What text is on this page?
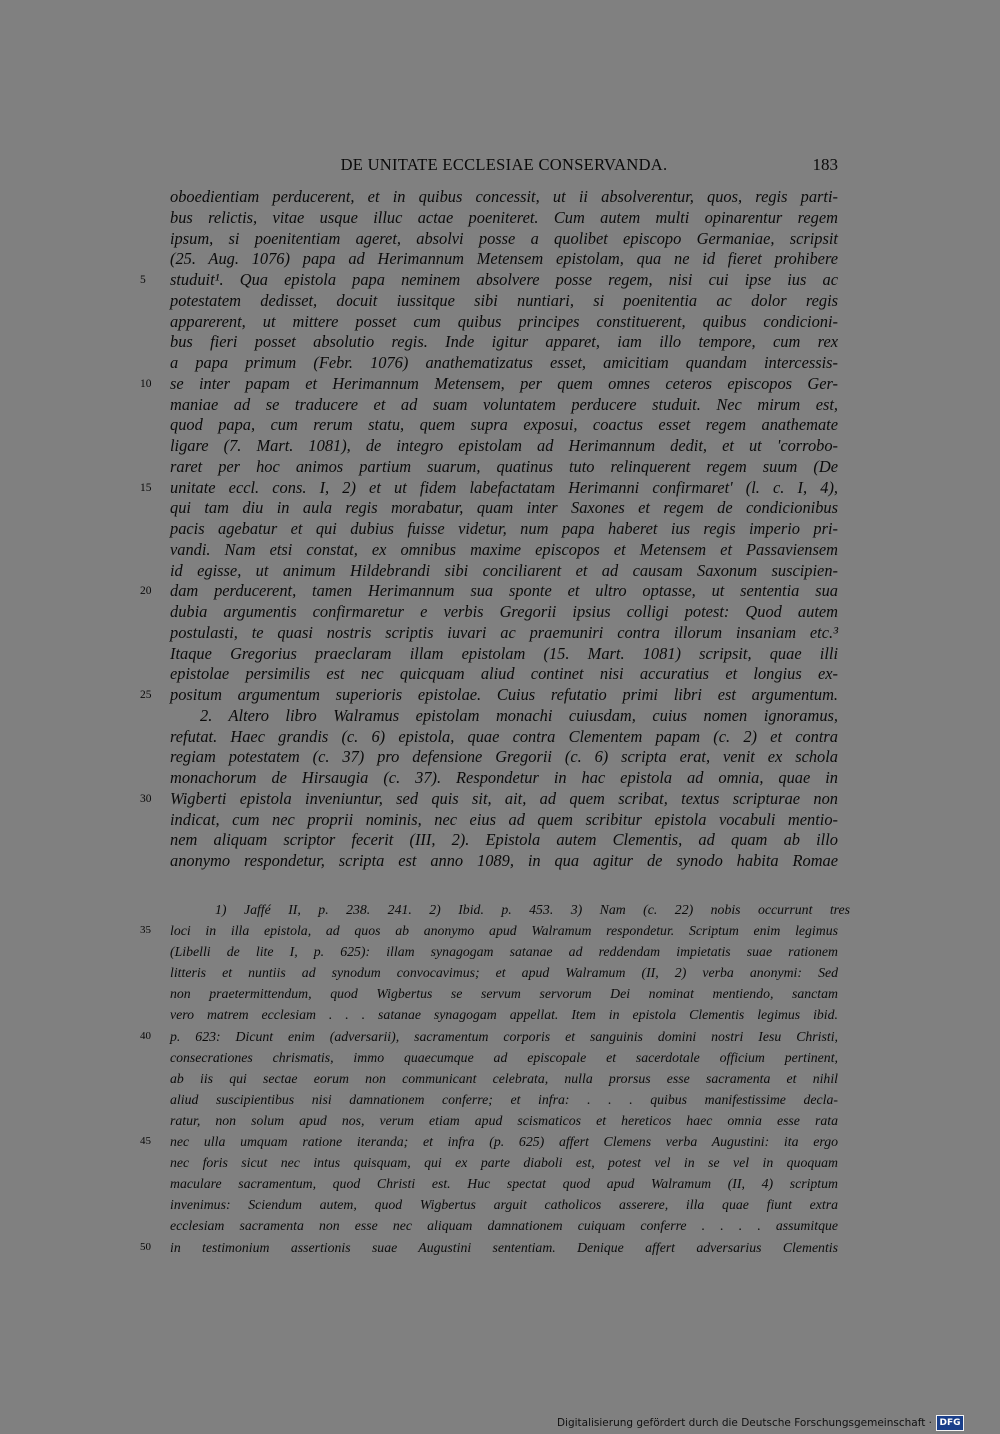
DE UNITATE ECCLESIAE CONSERVANDA.	183
oboedientiam perducerent, et in quibus concessit, ut ii absolverentur, quos, regis parti-
bus relictis, vitae usque illuc actae poeniteret. Cum autem multi opinarentur regem
ipsum, si poenitentiam ageret, absolvi posse a quolibet episcopo Germaniae, scripsit
(25. Aug. 1076) papa ad Herimannum Metensem epistolam, qua ne id fieret prohibere
5	studuit¹. Qua epistola papa neminem absolvere posse regem, nisi cui ipse ius ac
potestatem dedisset, docuit iussitque sibi nuntiari, si poenitentia ac dolor regis
apparerent, ut mittere posset cum quibus principes constituerent, quibus condicioni-
bus fieri posset absolutio regis. Inde igitur apparet, iam illo tempore, cum rex
a papa primum (Febr. 1076) anathematizatus esset, amicitiam quandam intercessis-
10	se inter papam et Herimannum Metensem, per quem omnes ceteros episcopos Ger-
maniae ad se traducere et ad suam voluntatem perducere studuit. Nec mirum est,
quod papa, cum rerum statu, quem supra exposui, coactus esset regem anathemate
ligare (7. Mart. 1081), de integro epistolam ad Herimannum dedit, et ut 'corrobo-
raret per hoc animos partium suarum, quatinus tuto relinquerent regem suum (De
15	unitate eccl. cons. I, 2) et ut fidem labefactatam Herimanni confirmaret' (l. c. I, 4),
qui tam diu in aula regis morabatur, quam inter Saxones et regem de condicionibus
pacis agebatur et qui dubius fuisse videtur, num papa haberet ius regis imperio pri-
vandi. Nam etsi constat, ex omnibus maxime episcopos et Metensem et Passaviensem
id egisse, ut animum Hildebrandi sibi conciliarent et ad causam Saxonum suscipien-
20	dam perducerent, tamen Herimannum sua sponte et ultro optasse, ut sententia sua
dubia argumentis confirmaretur e verbis Gregorii ipsius colligi potest: Quod autem
postulasti, te quasi nostris scriptis iuvari ac praemuniri contra illorum insaniam etc.³
Itaque Gregorius praeclaram illam epistolam (15. Mart. 1081) scripsit, quae illi
epistolae persimilis est nec quicquam aliud continet nisi accuratius et longius ex-
25	positum argumentum superioris epistolae. Cuius refutatio primi libri est argumentum.
2. Altero libro Walramus epistolam monachi cuiusdam, cuius nomen ignoramus,
refutat. Haec grandis (c. 6) epistola, quae contra Clementem papam (c. 2) et contra
regiam potestatem (c. 37) pro defensione Gregorii (c. 6) scripta erat, venit ex schola
monachorum de Hirsaugia (c. 37). Respondetur in hac epistola ad omnia, quae in
30	Wigberti epistola inveniuntur, sed quis sit, ait, ad quem scribat, textus scripturae non
indicat, cum nec proprii nominis, nec eius ad quem scribitur epistola vocabuli mentio-
nem aliquam scriptor fecerit (III, 2). Epistola autem Clementis, ad quam ab illo
anonymo respondetur, scripta est anno 1089, in qua agitur de synodo habita Romae
1) Jaffé II, p. 238. 241. 2) Ibid. p. 453. 3) Nam (c. 22) nobis occurrunt tres
35	loci in illa epistola, ad quos ab anonymo apud Walramum respondetur. Scriptum enim legimus
(Libelli de lite I, p. 625): illam synagogam satanae ad reddendam impietatis suae rationem
litteris et nuntiis ad synodum convocavimus; et apud Walramum (II, 2) verba anonymi: Sed
non praetermittendum, quod Wigbertus se servum servorum Dei nominat mentiendo, sanctam
vero matrem ecclesiam . . . satanae synagogam appellat. Item in epistola Clementis legimus ibid.
40	p. 623: Dicunt enim (adversarii), sacramentum corporis et sanguinis domini nostri Iesu Christi,
consecrationes chrismatis, immo quaecumque ad episcopale et sacerdotale officium pertinent,
ab iis qui sectae eorum non communicant celebrata, nulla prorsus esse sacramenta et nihil
aliud suscipientibus nisi damnationem conferre; et infra: . . . quibus manifestissime decla-
ratur, non solum apud nos, verum etiam apud scismaticos et hereticos haec omnia esse rata
45	nec ulla umquam ratione iteranda; et infra (p. 625) affert Clemens verba Augustini: ita ergo
nec foris sicut nec intus quisquam, qui ex parte diaboli est, potest vel in se vel in quoquam
maculare sacramentum, quod Christi est. Huc spectat quod apud Walramum (II, 4) scriptum
invenimus: Sciendum autem, quod Wigbertus arguit catholicos asserere, illa quae fiunt extra
ecclesiam sacramenta non esse nec aliquam damnationem cuiquam conferre . . . . assumitque
50	in testimonium assertionis suae Augustini sententiam. Denique affert adversarius Clementis
Digitalisierung gefördert durch die Deutsche Forschungsgemeinschaft · DFG
